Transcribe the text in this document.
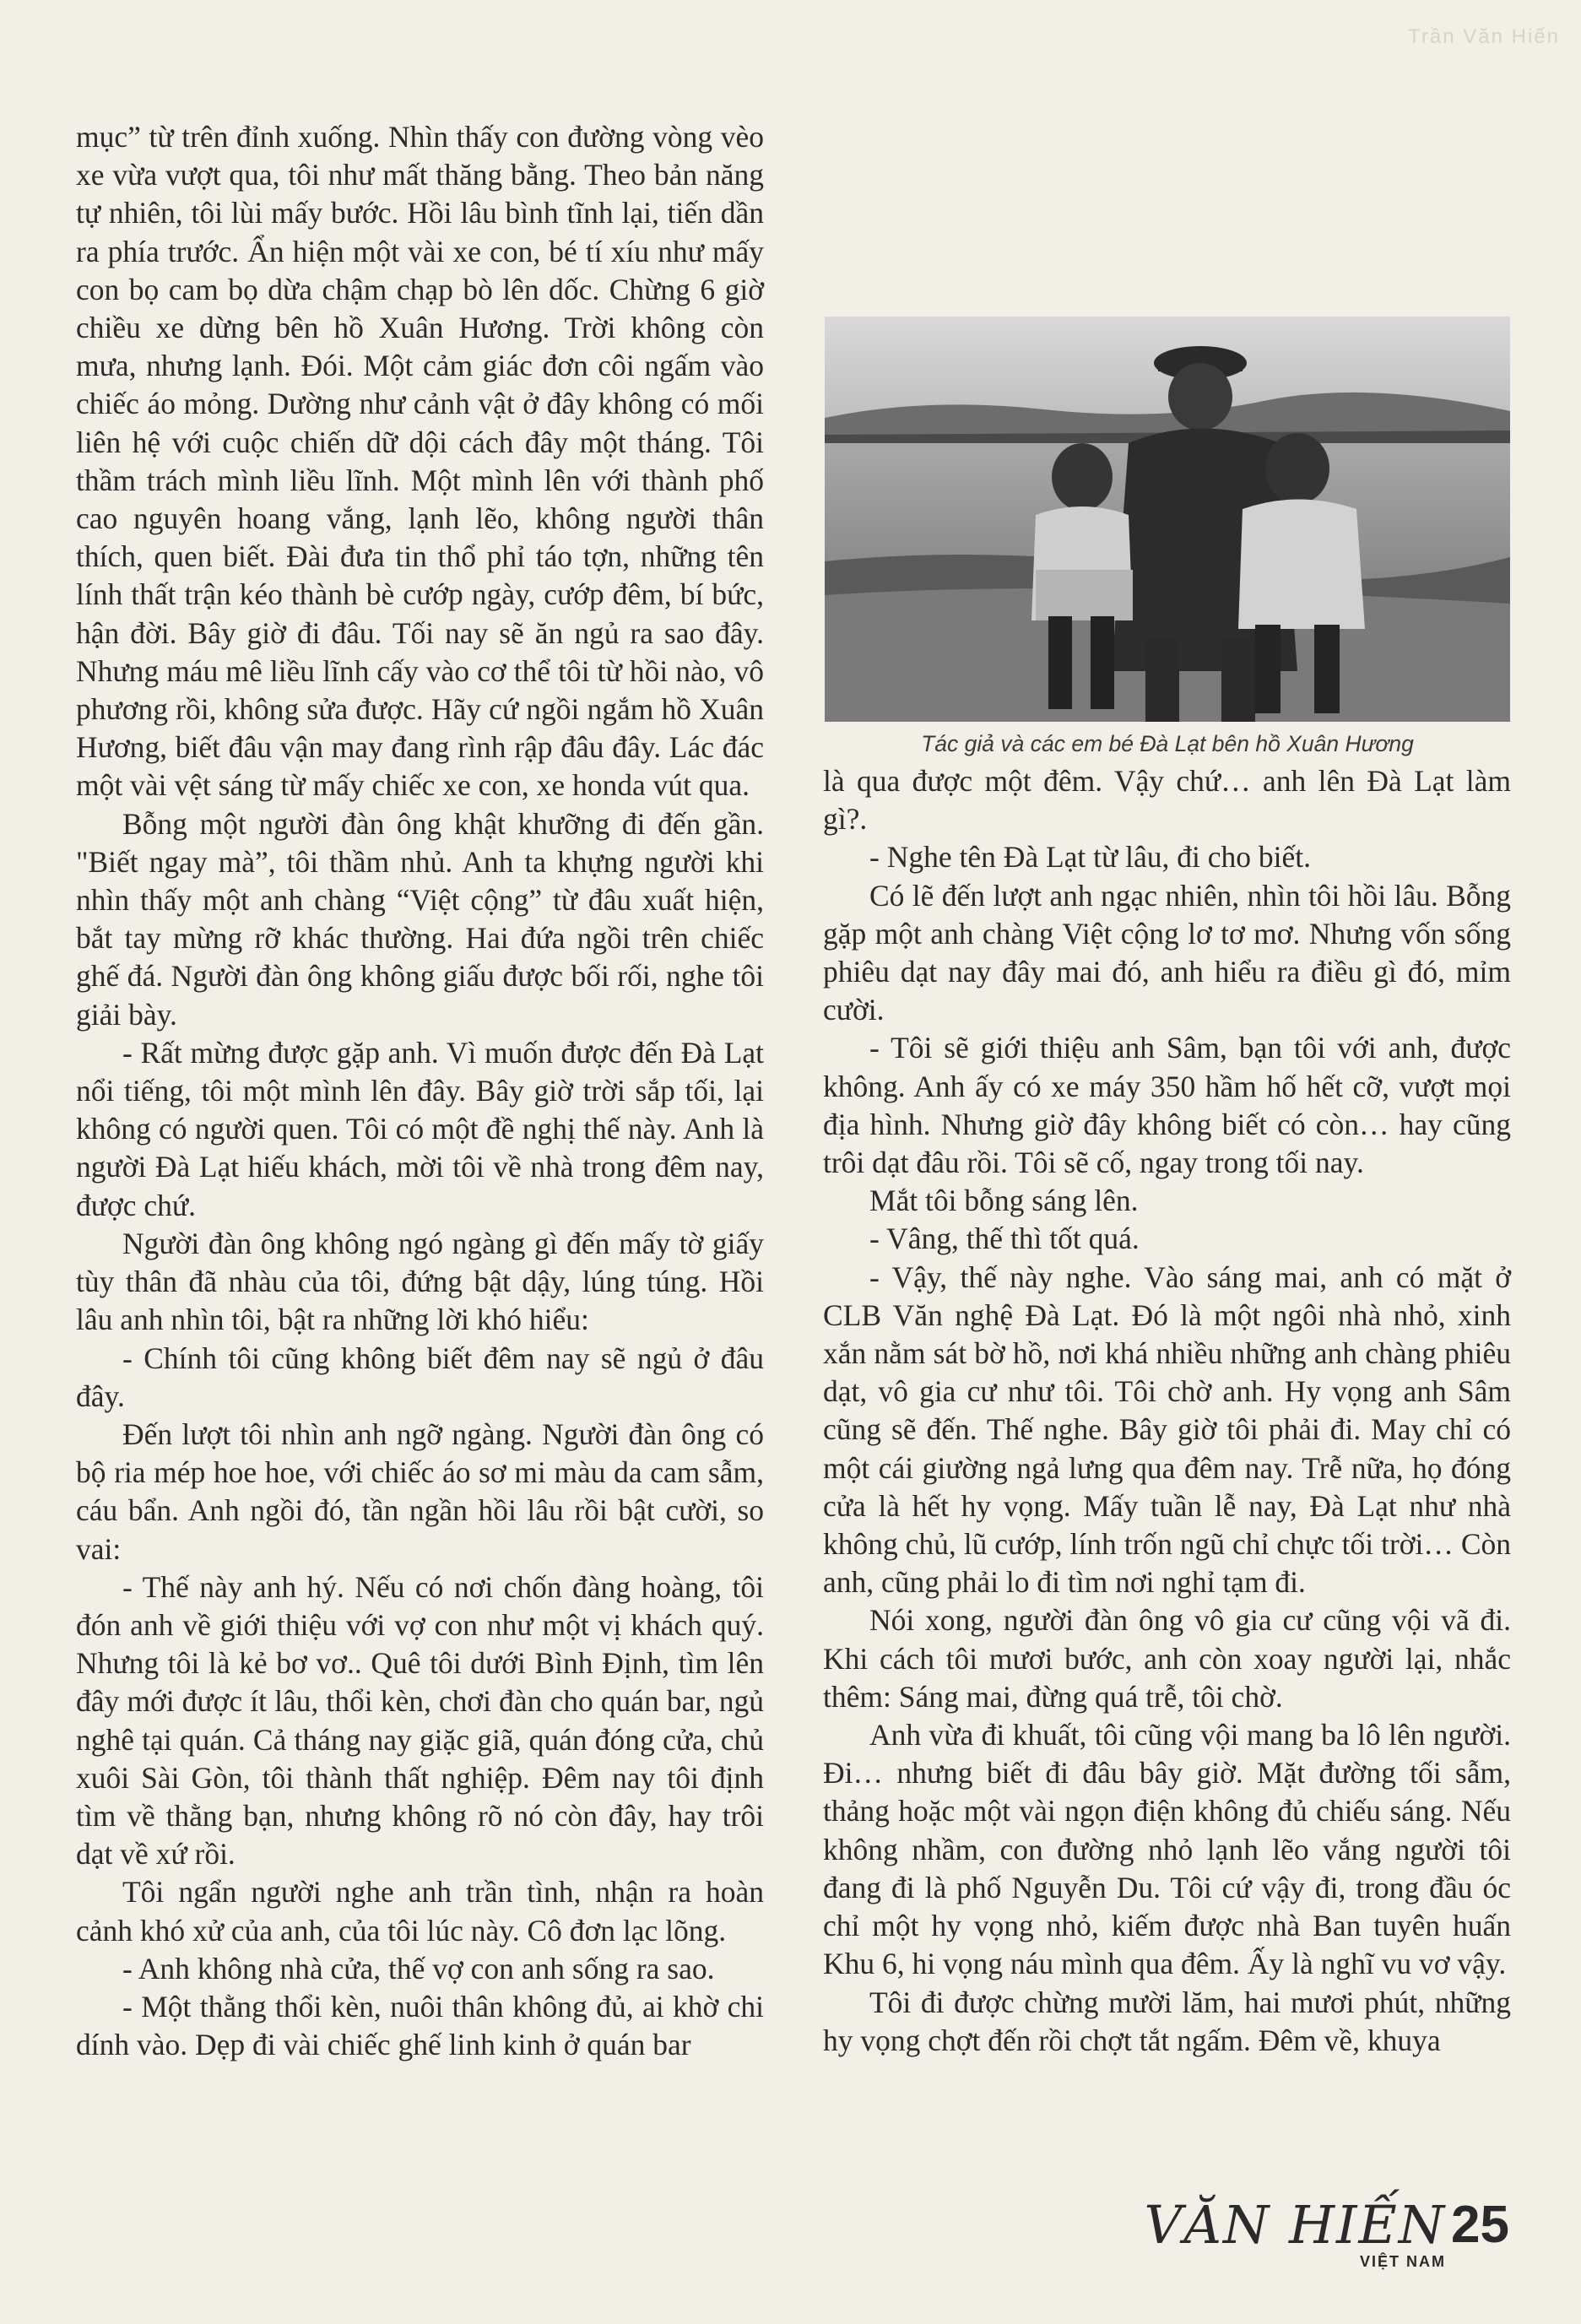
Trần Văn Hiến

mục” từ trên đỉnh xuống. Nhìn thấy con đường vòng vèo xe vừa vượt qua, tôi như mất thăng bằng. Theo bản năng tự nhiên, tôi lùi mấy bước. Hồi lâu bình tĩnh lại, tiến dần ra phía trước. Ẩn hiện một vài xe con, bé tí xíu như mấy con bọ cam bọ dừa chậm chạp bò lên dốc. Chừng 6 giờ chiều xe dừng bên hồ Xuân Hương. Trời không còn mưa, nhưng lạnh. Đói. Một cảm giác đơn côi ngấm vào chiếc áo mỏng. Dường như cảnh vật ở đây không có mối liên hệ với cuộc chiến dữ dội cách đây một tháng. Tôi thầm trách mình liều lĩnh. Một mình lên với thành phố cao nguyên hoang vắng, lạnh lẽo, không người thân thích, quen biết. Đài đưa tin thổ phỉ táo tợn, những tên lính thất trận kéo thành bè cướp ngày, cướp đêm, bí bức, hận đời. Bây giờ đi đâu. Tối nay sẽ ăn ngủ ra sao đây. Nhưng máu mê liều lĩnh cấy vào cơ thể tôi từ hồi nào, vô phương rồi, không sửa được. Hãy cứ ngồi ngắm hồ Xuân Hương, biết đâu vận may đang rình rập đâu đây. Lác đác một vài vệt sáng từ mấy chiếc xe con, xe honda vút qua.

Bỗng một người đàn ông khật khưỡng đi đến gần. "Biết ngay mà”, tôi thầm nhủ. Anh ta khựng người khi nhìn thấy một anh chàng “Việt cộng” từ đâu xuất hiện, bắt tay mừng rỡ khác thường. Hai đứa ngồi trên chiếc ghế đá. Người đàn ông không giấu được bối rối, nghe tôi giải bày.

- Rất mừng được gặp anh. Vì muốn được đến Đà Lạt nổi tiếng, tôi một mình lên đây. Bây giờ trời sắp tối, lại không có người quen. Tôi có một đề nghị thế này. Anh là người Đà Lạt hiếu khách, mời tôi về nhà trong đêm nay, được chứ.

Người đàn ông không ngó ngàng gì đến mấy tờ giấy tùy thân đã nhàu của tôi, đứng bật dậy, lúng túng. Hồi lâu anh nhìn tôi, bật ra những lời khó hiểu:

- Chính tôi cũng không biết đêm nay sẽ ngủ ở đâu đây.

Đến lượt tôi nhìn anh ngỡ ngàng. Người đàn ông có bộ ria mép hoe hoe, với chiếc áo sơ mi màu da cam sẫm, cáu bẩn. Anh ngồi đó, tần ngần hồi lâu rồi bật cười, so vai:

- Thế này anh hý. Nếu có nơi chốn đàng hoàng, tôi đón anh về giới thiệu với vợ con như một vị khách quý. Nhưng tôi là kẻ bơ vơ.. Quê tôi dưới Bình Định, tìm lên đây mới được ít lâu, thổi kèn, chơi đàn cho quán bar, ngủ nghê tại quán. Cả tháng nay giặc giã, quán đóng cửa, chủ xuôi Sài Gòn, tôi thành thất nghiệp. Đêm nay tôi định tìm về thằng bạn, nhưng không rõ nó còn đây, hay trôi dạt về xứ rồi.

Tôi ngẩn người nghe anh trần tình, nhận ra hoàn cảnh khó xử của anh, của tôi lúc này. Cô đơn lạc lõng.

- Anh không nhà cửa, thế vợ con anh sống ra sao.

- Một thằng thổi kèn, nuôi thân không đủ, ai khờ chi dính vào. Dẹp đi vài chiếc ghế linh kinh ở quán bar

Tác giả và các em bé Đà Lạt bên hồ Xuân Hương

là qua được một đêm. Vậy chứ… anh lên Đà Lạt làm gì?.

- Nghe tên Đà Lạt từ lâu, đi cho biết.

Có lẽ đến lượt anh ngạc nhiên, nhìn tôi hồi lâu. Bỗng gặp một anh chàng Việt cộng lơ tơ mơ. Nhưng vốn sống phiêu dạt nay đây mai đó, anh hiểu ra điều gì đó, mỉm cười.

- Tôi sẽ giới thiệu anh Sâm, bạn tôi với anh, được không. Anh ấy có xe máy 350 hầm hố hết cỡ, vượt mọi địa hình. Nhưng giờ đây không biết có còn… hay cũng trôi dạt đâu rồi. Tôi sẽ cố, ngay trong tối nay.

Mắt tôi bỗng sáng lên.

- Vâng, thế thì tốt quá.

- Vậy, thế này nghe. Vào sáng mai, anh có mặt ở CLB Văn nghệ Đà Lạt. Đó là một ngôi nhà nhỏ, xinh xắn nằm sát bờ hồ, nơi khá nhiều những anh chàng phiêu dạt, vô gia cư như tôi. Tôi chờ anh. Hy vọng anh Sâm cũng sẽ đến. Thế nghe. Bây giờ tôi phải đi. May chỉ có một cái giường ngả lưng qua đêm nay. Trễ nữa, họ đóng cửa là hết hy vọng. Mấy tuần lễ nay, Đà Lạt như nhà không chủ, lũ cướp, lính trốn ngũ chỉ chực tối trời… Còn anh, cũng phải lo đi tìm nơi nghỉ tạm đi.

Nói xong, người đàn ông vô gia cư cũng vội vã đi. Khi cách tôi mươi bước, anh còn xoay người lại, nhắc thêm: Sáng mai, đừng quá trễ, tôi chờ.

Anh vừa đi khuất, tôi cũng vội mang ba lô lên người. Đi… nhưng biết đi đâu bây giờ. Mặt đường tối sẫm, thảng hoặc một vài ngọn điện không đủ chiếu sáng. Nếu không nhầm, con đường nhỏ lạnh lẽo vắng người tôi đang đi là phố Nguyễn Du. Tôi cứ vậy đi, trong đầu óc chỉ một hy vọng nhỏ, kiếm được nhà Ban tuyên huấn Khu 6, hi vọng náu mình qua đêm. Ấy là nghĩ vu vơ vậy.

Tôi đi được chừng mười lăm, hai mươi phút, những hy vọng chợt đến rồi chợt tắt ngấm. Đêm về, khuya

VĂN HIẾN
VIỆT NAM
25
